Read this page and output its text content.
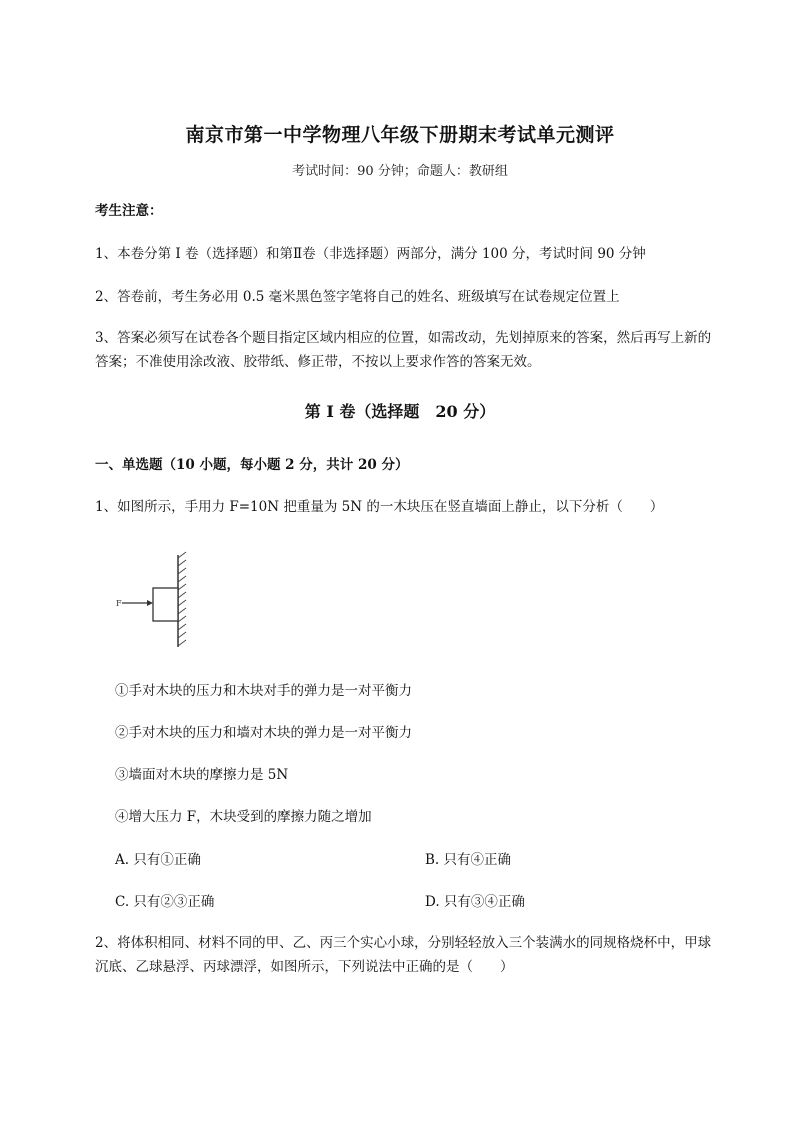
南京市第一中学物理八年级下册期末考试单元测评
考试时间：90 分钟；命题人：教研组
考生注意：
1、本卷分第 I 卷（选择题）和第Ⅱ卷（非选择题）两部分，满分 100 分，考试时间 90 分钟
2、答卷前，考生务必用 0.5 毫米黑色签字笔将自己的姓名、班级填写在试卷规定位置上
3、答案必须写在试卷各个题目指定区域内相应的位置，如需改动，先划掉原来的答案，然后再写上新的答案；不准使用涂改液、胶带纸、修正带，不按以上要求作答的答案无效。
第 I 卷（选择题　20 分）
一、单选题（10 小题，每小题 2 分，共计 20 分）
1、如图所示，手用力 F=10N 把重量为 5N 的一木块压在竖直墙面上静止，以下分析（　　）
F
①手对木块的压力和木块对手的弹力是一对平衡力
②手对木块的压力和墙对木块的弹力是一对平衡力
③墙面对木块的摩擦力是 5N
④增大压力 F，木块受到的摩擦力随之增加
A. 只有①正确	B. 只有④正确
C. 只有②③正确	D. 只有③④正确
2、将体积相同、材料不同的甲、乙、丙三个实心小球，分别轻轻放入三个装满水的同规格烧杯中，甲球沉底、乙球悬浮、丙球漂浮，如图所示，下列说法中正确的是（　　）
